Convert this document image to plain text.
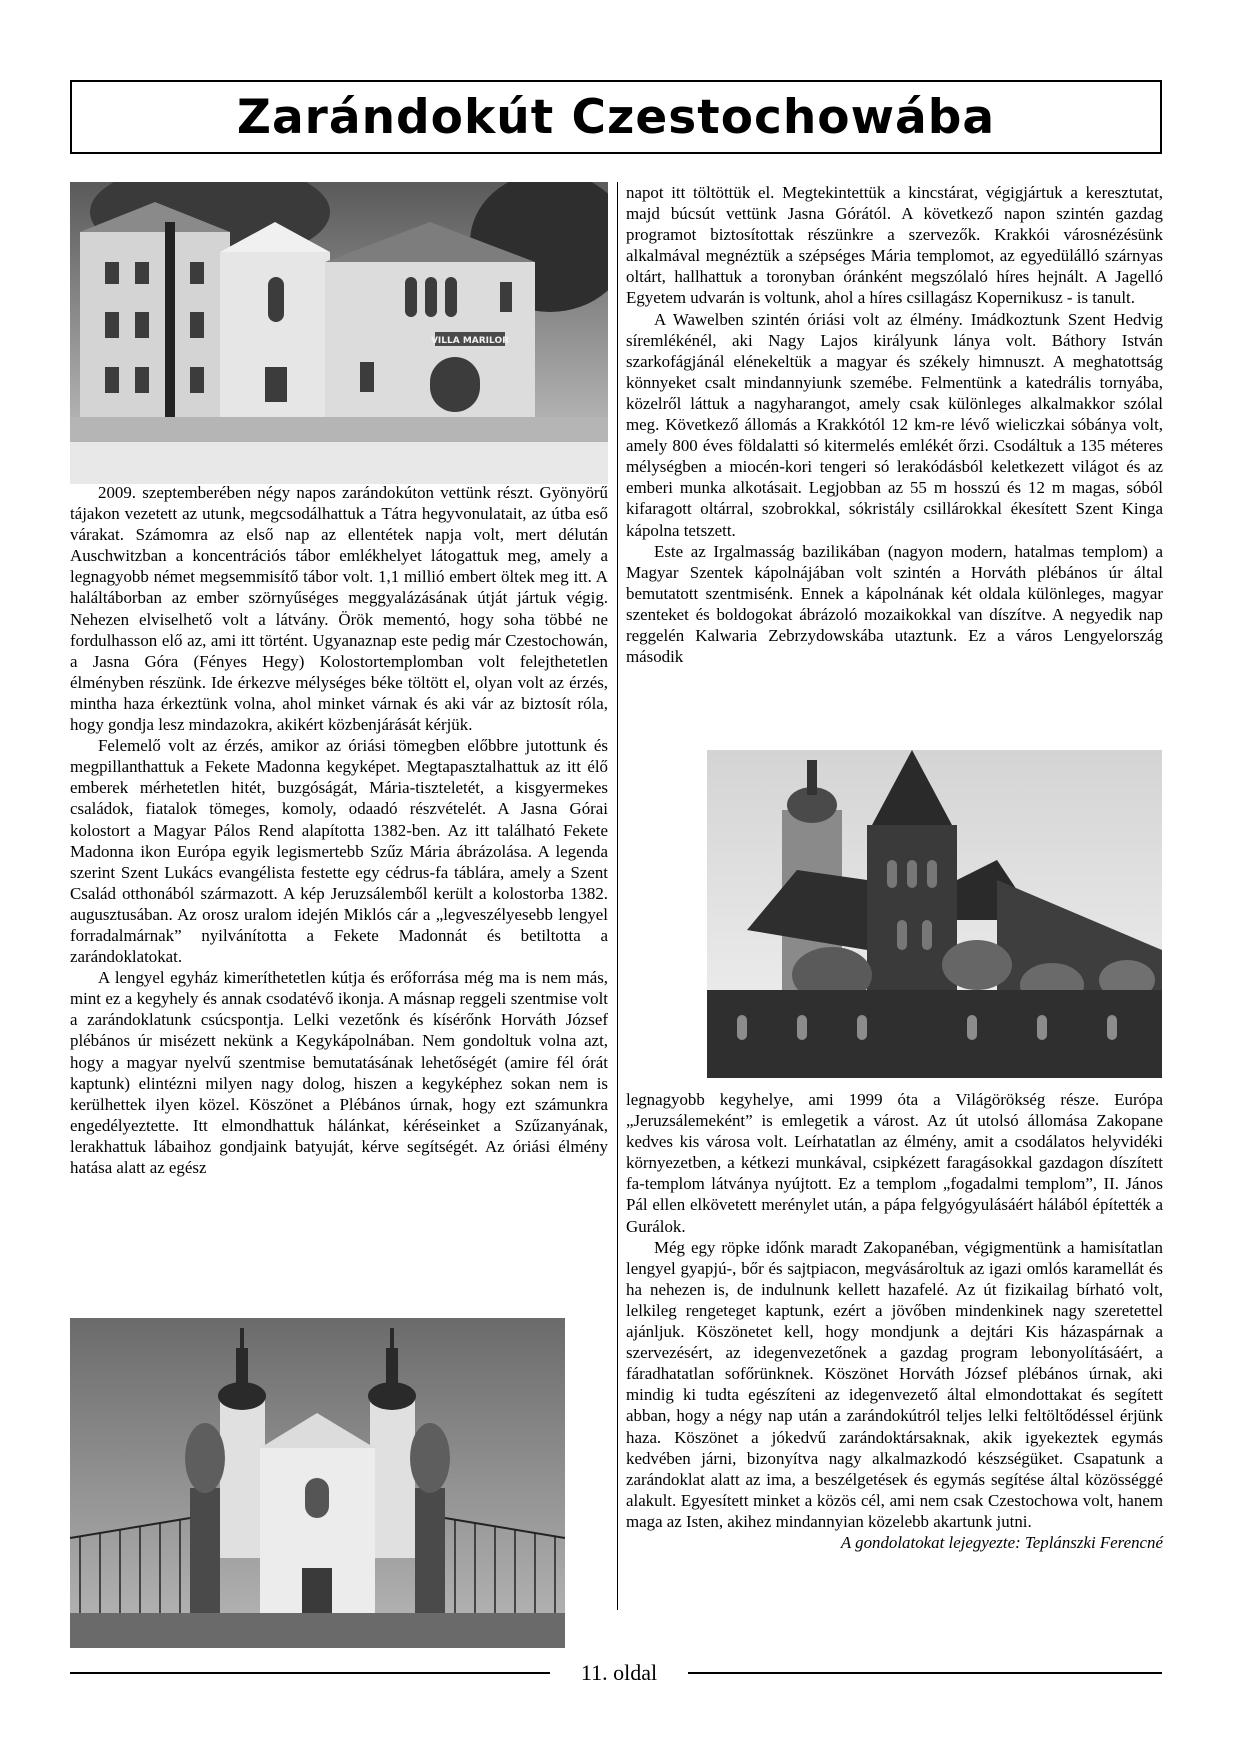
Zarándokút Czestochowába
VILLA MARILOR

2009. szeptemberében négy napos zarándokúton vettünk részt. Gyönyörű tájakon vezetett az utunk, megcsodálhattuk a Tátra hegyvonulatait, az útba eső várakat. Számomra az első nap az ellentétek napja volt, mert délután Auschwitzban a koncentrációs tábor emlékhelyet látogattuk meg, amely a legnagyobb német megsemmisítő tábor volt. 1,1 millió embert öltek meg itt. A haláltáborban az ember szörnyűséges meggyalázásának útját jártuk végig. Nehezen elviselhető volt a látvány. Örök mementó, hogy soha többé ne fordulhasson elő az, ami itt történt. Ugyanaznap este pedig már Czestochowán, a Jasna Góra (Fényes Hegy) Kolostortemplomban volt felejthetetlen élményben részünk. Ide érkezve mélységes béke töltött el, olyan volt az érzés, mintha haza érkeztünk volna, ahol minket várnak és aki vár az biztosít róla, hogy gondja lesz mindazokra, akikért közbenjárását kérjük.

Felemelő volt az érzés, amikor az óriási tömegben előbbre jutottunk és megpillanthattuk a Fekete Madonna kegyképet. Megtapasztalhattuk az itt élő emberek mérhetetlen hitét, buzgóságát, Mária-tiszteletét, a kisgyermekes családok, fiatalok tömeges, komoly, odaadó részvételét. A Jasna Górai kolostort a Magyar Pálos Rend alapította 1382-ben. Az itt található Fekete Madonna ikon Európa egyik legismertebb Szűz Mária ábrázolása. A legenda szerint Szent Lukács evangélista festette egy cédrus-fa táblára, amely a Szent Család otthonából származott. A kép Jeruzsálemből került a kolostorba 1382. augusztusában. Az orosz uralom idején Miklós cár a „legveszélyesebb lengyel forradalmárnak” nyilvánította a Fekete Madonnát és betiltotta a zarándoklatokat.

A lengyel egyház kimeríthetetlen kútja és erőforrása még ma is nem más, mint ez a kegyhely és annak csodatévő ikonja. A másnap reggeli szentmise volt a zarándoklatunk csúcspontja. Lelki vezetőnk és kísérőnk Horváth József plébános úr misézett nekünk a Kegykápolnában. Nem gondoltuk volna azt, hogy a magyar nyelvű szentmise bemutatásának lehetőségét (amire fél órát kaptunk) elintézni milyen nagy dolog, hiszen a kegyképhez sokan nem is kerülhettek ilyen közel. Köszönet a Plébános úrnak, hogy ezt számunkra engedélyeztette. Itt elmondhattuk hálánkat, kéréseinket a Szűzanyának, lerakhattuk lábaihoz gondjaink batyuját, kérve segítségét. Az óriási élmény hatása alatt az egész

napot itt töltöttük el. Megtekintettük a kincstárat, végigjártuk a keresztutat, majd búcsút vettünk Jasna Górától. A következő napon szintén gazdag programot biztosítottak részünkre a szervezők. Krakkói városnézésünk alkalmával megnéztük a szépséges Mária templomot, az egyedülálló szárnyas oltárt, hallhattuk a toronyban óránként megszólaló híres hejnált. A Jagelló Egyetem udvarán is voltunk, ahol a híres csillagász Kopernikusz - is tanult.

A Wawelben szintén óriási volt az élmény. Imádkoztunk Szent Hedvig síremlékénél, aki Nagy Lajos királyunk lánya volt. Báthory István szarkofágjánál elénekeltük a magyar és székely himnuszt. A meghatottság könnyeket csalt mindannyiunk szemébe. Felmentünk a katedrális tornyába, közelről láttuk a nagyharangot, amely csak különleges alkalmakkor szólal meg. Következő állomás a Krakkótól 12 km-re lévő wieliczkai sóbánya volt, amely 800 éves földalatti só kitermelés emlékét őrzi. Csodáltuk a 135 méteres mélységben a miocén-kori tengeri só lerakódásból keletkezett világot és az emberi munka alkotásait. Legjobban az 55 m hosszú és 12 m magas, sóból kifaragott oltárral, szobrokkal, sókristály csillárokkal ékesített Szent Kinga kápolna tetszett.

Este az Irgalmasság bazilikában (nagyon modern, hatalmas templom) a Magyar Szentek kápolnájában volt szintén a Horváth plébános úr által bemutatott szentmisénk. Ennek a kápolnának két oldala különleges, magyar szenteket és boldogokat ábrázoló mozaikokkal van díszítve. A negyedik nap reggelén Kalwaria Zebrzydowskába utaztunk. Ez a város Lengyelország második

legnagyobb kegyhelye, ami 1999 óta a Világörökség része. Európa „Jeruzsálemeként” is emlegetik a várost. Az út utolsó állomása Zakopane kedves kis városa volt. Leírhatatlan az élmény, amit a csodálatos helyvidéki környezetben, a kétkezi munkával, csipkézett faragásokkal gazdagon díszített fa-templom látványa nyújtott. Ez a templom „fogadalmi templom”, II. János Pál ellen elkövetett merénylet után, a pápa felgyógyulásáért hálából építették a Gurálok.

Még egy röpke időnk maradt Zakopanéban, végigmentünk a hamisítatlan lengyel gyapjú-, bőr és sajtpiacon, megvásároltuk az igazi omlós karamellát és ha nehezen is, de indulnunk kellett hazafelé. Az út fizikailag bírható volt, lelkileg rengeteget kaptunk, ezért a jövőben mindenkinek nagy szeretettel ajánljuk. Köszönetet kell, hogy mondjunk a dejtári Kis házaspárnak a szervezésért, az idegenvezetőnek a gazdag program lebonyolításáért, a fáradhatatlan sofőrünknek. Köszönet Horváth József plébános úrnak, aki mindig ki tudta egészíteni az idegenvezető által elmondottakat és segített abban, hogy a négy nap után a zarándokútról teljes lelki feltöltődéssel érjünk haza. Köszönet a jókedvű zarándoktársaknak, akik igyekeztek egymás kedvében járni, bizonyítva nagy alkalmazkodó készségüket. Csapatunk a zarándoklat alatt az ima, a beszélgetések és egymás segítése által közösséggé alakult. Egyesített minket a közös cél, ami nem csak Czestochowa volt, hanem maga az Isten, akihez mindannyian közelebb akartunk jutni.

A gondolatokat lejegyezte: Teplánszki Ferencné

11. oldal
